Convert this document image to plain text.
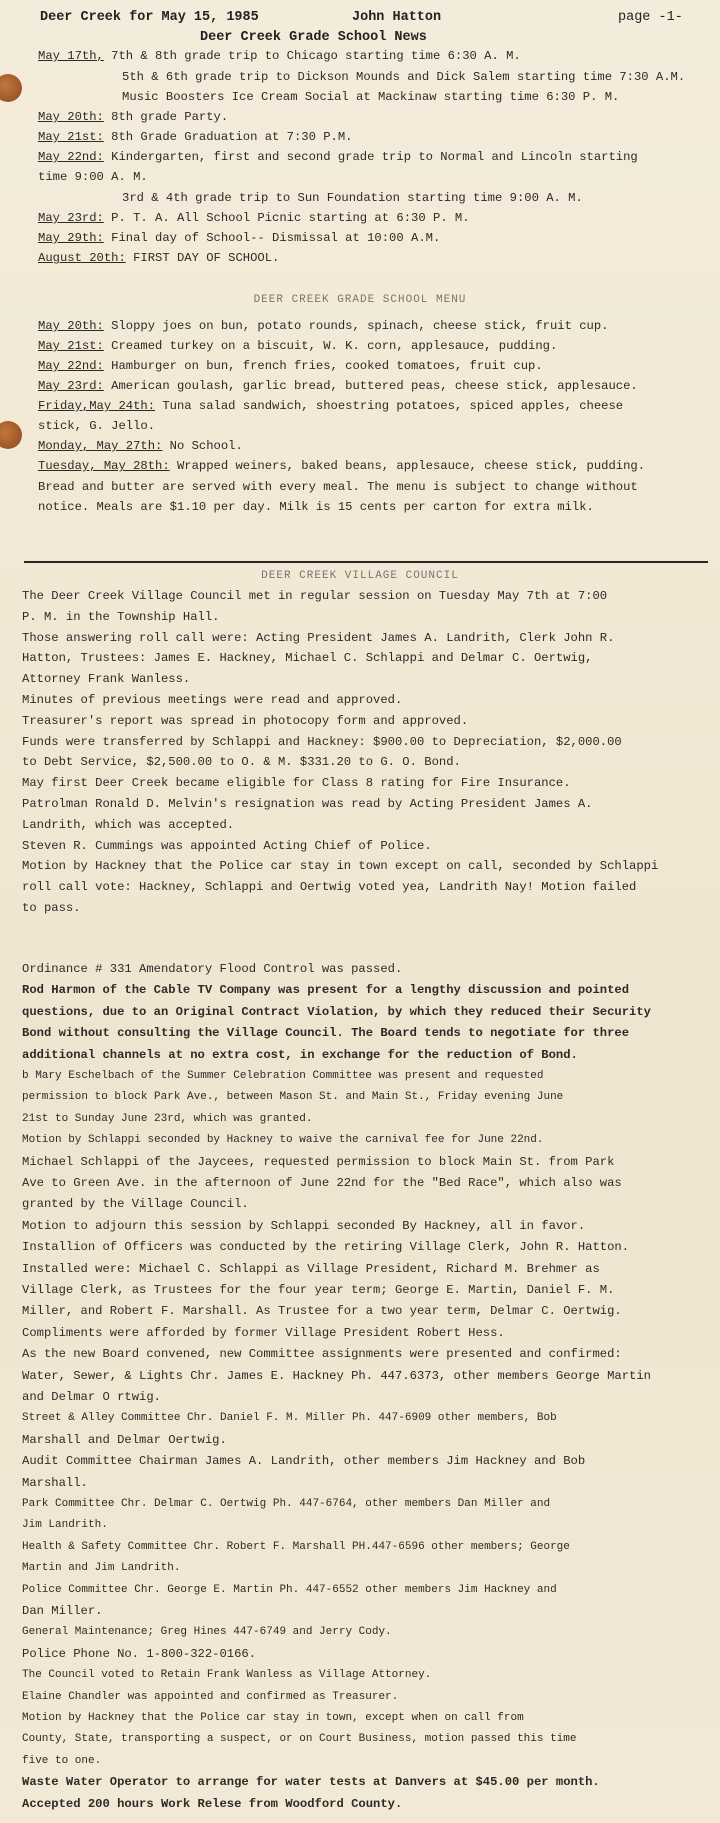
Deer Creek for May 15, 1985	John Hatton	page -1-
Deer Creek Grade School News
May 17th, 7th & 8th grade trip to Chicago starting time 6:30 A. M.
5th & 6th grade trip to Dickson Mounds and Dick Salem starting time 7:30 A.M.
Music Boosters Ice Cream Social at Mackinaw starting time 6:30 P. M.
May 20th: 8th grade Party.
May 21st: 8th Grade Graduation at 7:30 P.M.
May 22nd: Kindergarten, first and second grade trip to Normal and Lincoln starting
time 9:00 A. M.
3rd & 4th grade trip to Sun Foundation starting time 9:00 A. M.
May 23rd: P. T. A. All School Picnic starting at 6:30 P. M.
May 29th: Final day of School-- Dismissal at 10:00 A.M.
August 20th: FIRST DAY OF SCHOOL.
DEER CREEK GRADE SCHOOL MENU
May 20th: Sloppy joes on bun, potato rounds, spinach, cheese stick, fruit cup.
May 21st: Creamed turkey on a biscuit, W. K. corn, applesauce, pudding.
May 22nd: Hamburger on bun, french fries, cooked tomatoes, fruit cup.
May 23rd: American goulash, garlic bread, buttered peas, cheese stick, applesauce.
Friday,May 24th: Tuna salad sandwich, shoestring potatoes, spiced apples, cheese
stick, G. Jello.
Monday, May 27th: No School.
Tuesday, May 28th: Wrapped weiners, baked beans, applesauce, cheese stick, pudding.
Bread and butter are served with every meal. The menu is subject to change without
notice. Meals are $1.10 per day. Milk is 15 cents per carton for extra milk.
DEER CREEK VILLAGE COUNCIL
The Deer Creek Village Council met in regular session on Tuesday May 7th at 7:00
P. M. in the Township Hall.
Those answering roll call were: Acting President James A. Landrith, Clerk John R.
Hatton, Trustees: James E. Hackney, Michael C. Schlappi and Delmar C. Oertwig,
Attorney Frank Wanless.
Minutes of previous meetings were read and approved.
Treasurer's report was spread in photocopy form and approved.
Funds were transferred by Schlappi and Hackney: $900.00 to Depreciation, $2,000.00
to Debt Service, $2,500.00 to O. & M. $331.20 to G. O. Bond.
May first Deer Creek became eligible for Class 8 rating for Fire Insurance.
Patrolman Ronald D. Melvin's resignation was read by Acting President James A.
Landrith, which was accepted.
Steven R. Cummings was appointed Acting Chief of Police.
Motion by Hackney that the Police car stay in town except on call, seconded by Schlappi
roll call vote: Hackney, Schlappi and Oertwig voted yea, Landrith Nay! Motion failed
to pass.
Ordinance # 331 Amendatory Flood Control was passed.
Rod Harmon of the Cable TV Company was present for a lengthy discussion and pointed
questions, due to an Original Contract Violation, by which they reduced their Security
Bond without consulting the Village Council. The Board tends to negotiate for three
additional channels at no extra cost, in exchange for the reduction of Bond.
b Mary Eschelbach of the Summer Celebration Committee was present and requested
permission to block Park Ave., between Mason St. and Main St., Friday evening June
21st to Sunday June 23rd, which was granted.
Motion by Schlappi seconded by Hackney to waive the carnival fee for June 22nd.
Michael Schlappi of the Jaycees, requested permission to block Main St. from Park
Ave to Green Ave. in the afternoon of June 22nd for the "Bed Race", which also was
granted by the Village Council.
Motion to adjourn this session by Schlappi seconded By Hackney, all in favor.
Installion of Officers was conducted by the retiring Village Clerk, John R. Hatton.
Installed were: Michael C. Schlappi as Village President, Richard M. Brehmer as
Village Clerk, as Trustees for the four year term; George E. Martin, Daniel F. M.
Miller, and Robert F. Marshall. As Trustee for a two year term, Delmar C. Oertwig.
Compliments were afforded by former Village President Robert Hess.
As the new Board convened, new Committee assignments were presented and confirmed:
Water, Sewer, & Lights Chr. James E. Hackney Ph. 447.6373, other members George Martin
and Delmar O rtwig.
Street & Alley Committee Chr. Daniel F. M. Miller Ph. 447-6909 other members, Bob
Marshall and Delmar Oertwig.
Audit Committee Chairman James A. Landrith, other members Jim Hackney and Bob
Marshall.
Park Committee Chr. Delmar C. Oertwig Ph. 447-6764, other members Dan Miller and
Jim Landrith.
Health & Safety Committee Chr. Robert F. Marshall PH.447-6596 other members; George
Martin and Jim Landrith.
Police Committee Chr. George E. Martin Ph. 447-6552 other members Jim Hackney and
Dan Miller.
General Maintenance; Greg Hines 447-6749 and Jerry Cody.
Police Phone No. 1-800-322-0166.
The Council voted to Retain Frank Wanless as Village Attorney.
Elaine Chandler was appointed and confirmed as Treasurer.
Motion by Hackney that the Police car stay in town, except when on call from
County, State, transporting a suspect, or on Court Business, motion passed this time
five to one.
Waste Water Operator to arrange for water tests at Danvers at $45.00 per month.
Accepted 200 hours Work Relese from Woodford County.
